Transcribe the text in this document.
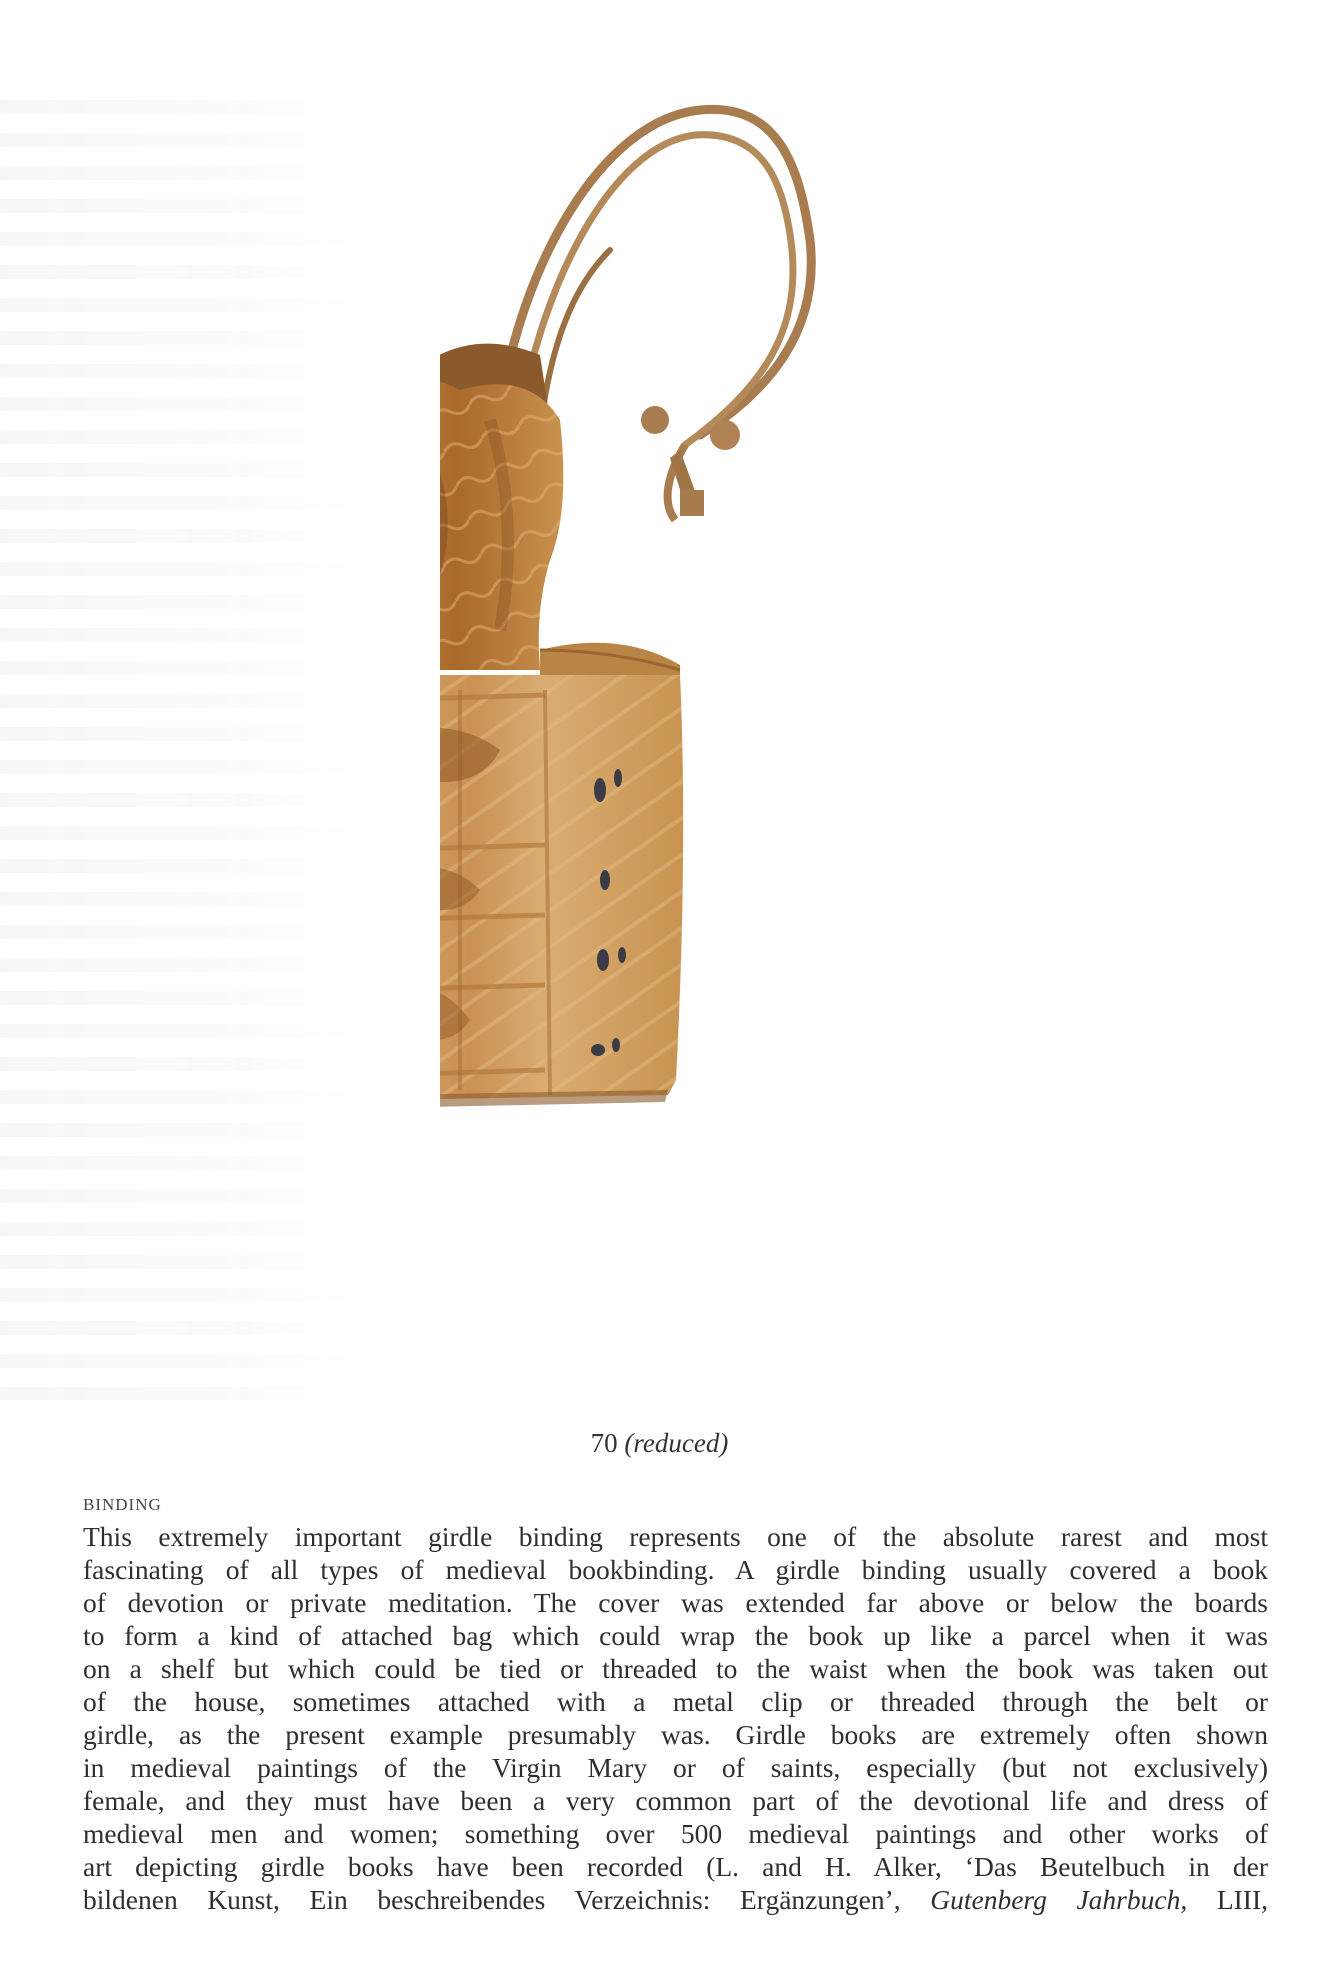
70 (reduced)
BINDING
This extremely important girdle binding represents one of the absolute rarest and most
fascinating of all types of medieval bookbinding. A girdle binding usually covered a book
of devotion or private meditation. The cover was extended far above or below the boards
to form a kind of attached bag which could wrap the book up like a parcel when it was
on a shelf but which could be tied or threaded to the waist when the book was taken out
of the house, sometimes attached with a metal clip or threaded through the belt or
girdle, as the present example presumably was. Girdle books are extremely often shown
in medieval paintings of the Virgin Mary or of saints, especially (but not exclusively)
female, and they must have been a very common part of the devotional life and dress of
medieval men and women; something over 500 medieval paintings and other works of
art depicting girdle books have been recorded (L. and H. Alker, ‘Das Beutelbuch in der
bildenen Kunst, Ein beschreibendes Verzeichnis: Ergänzungen’, Gutenberg Jahrbuch, LIII,
